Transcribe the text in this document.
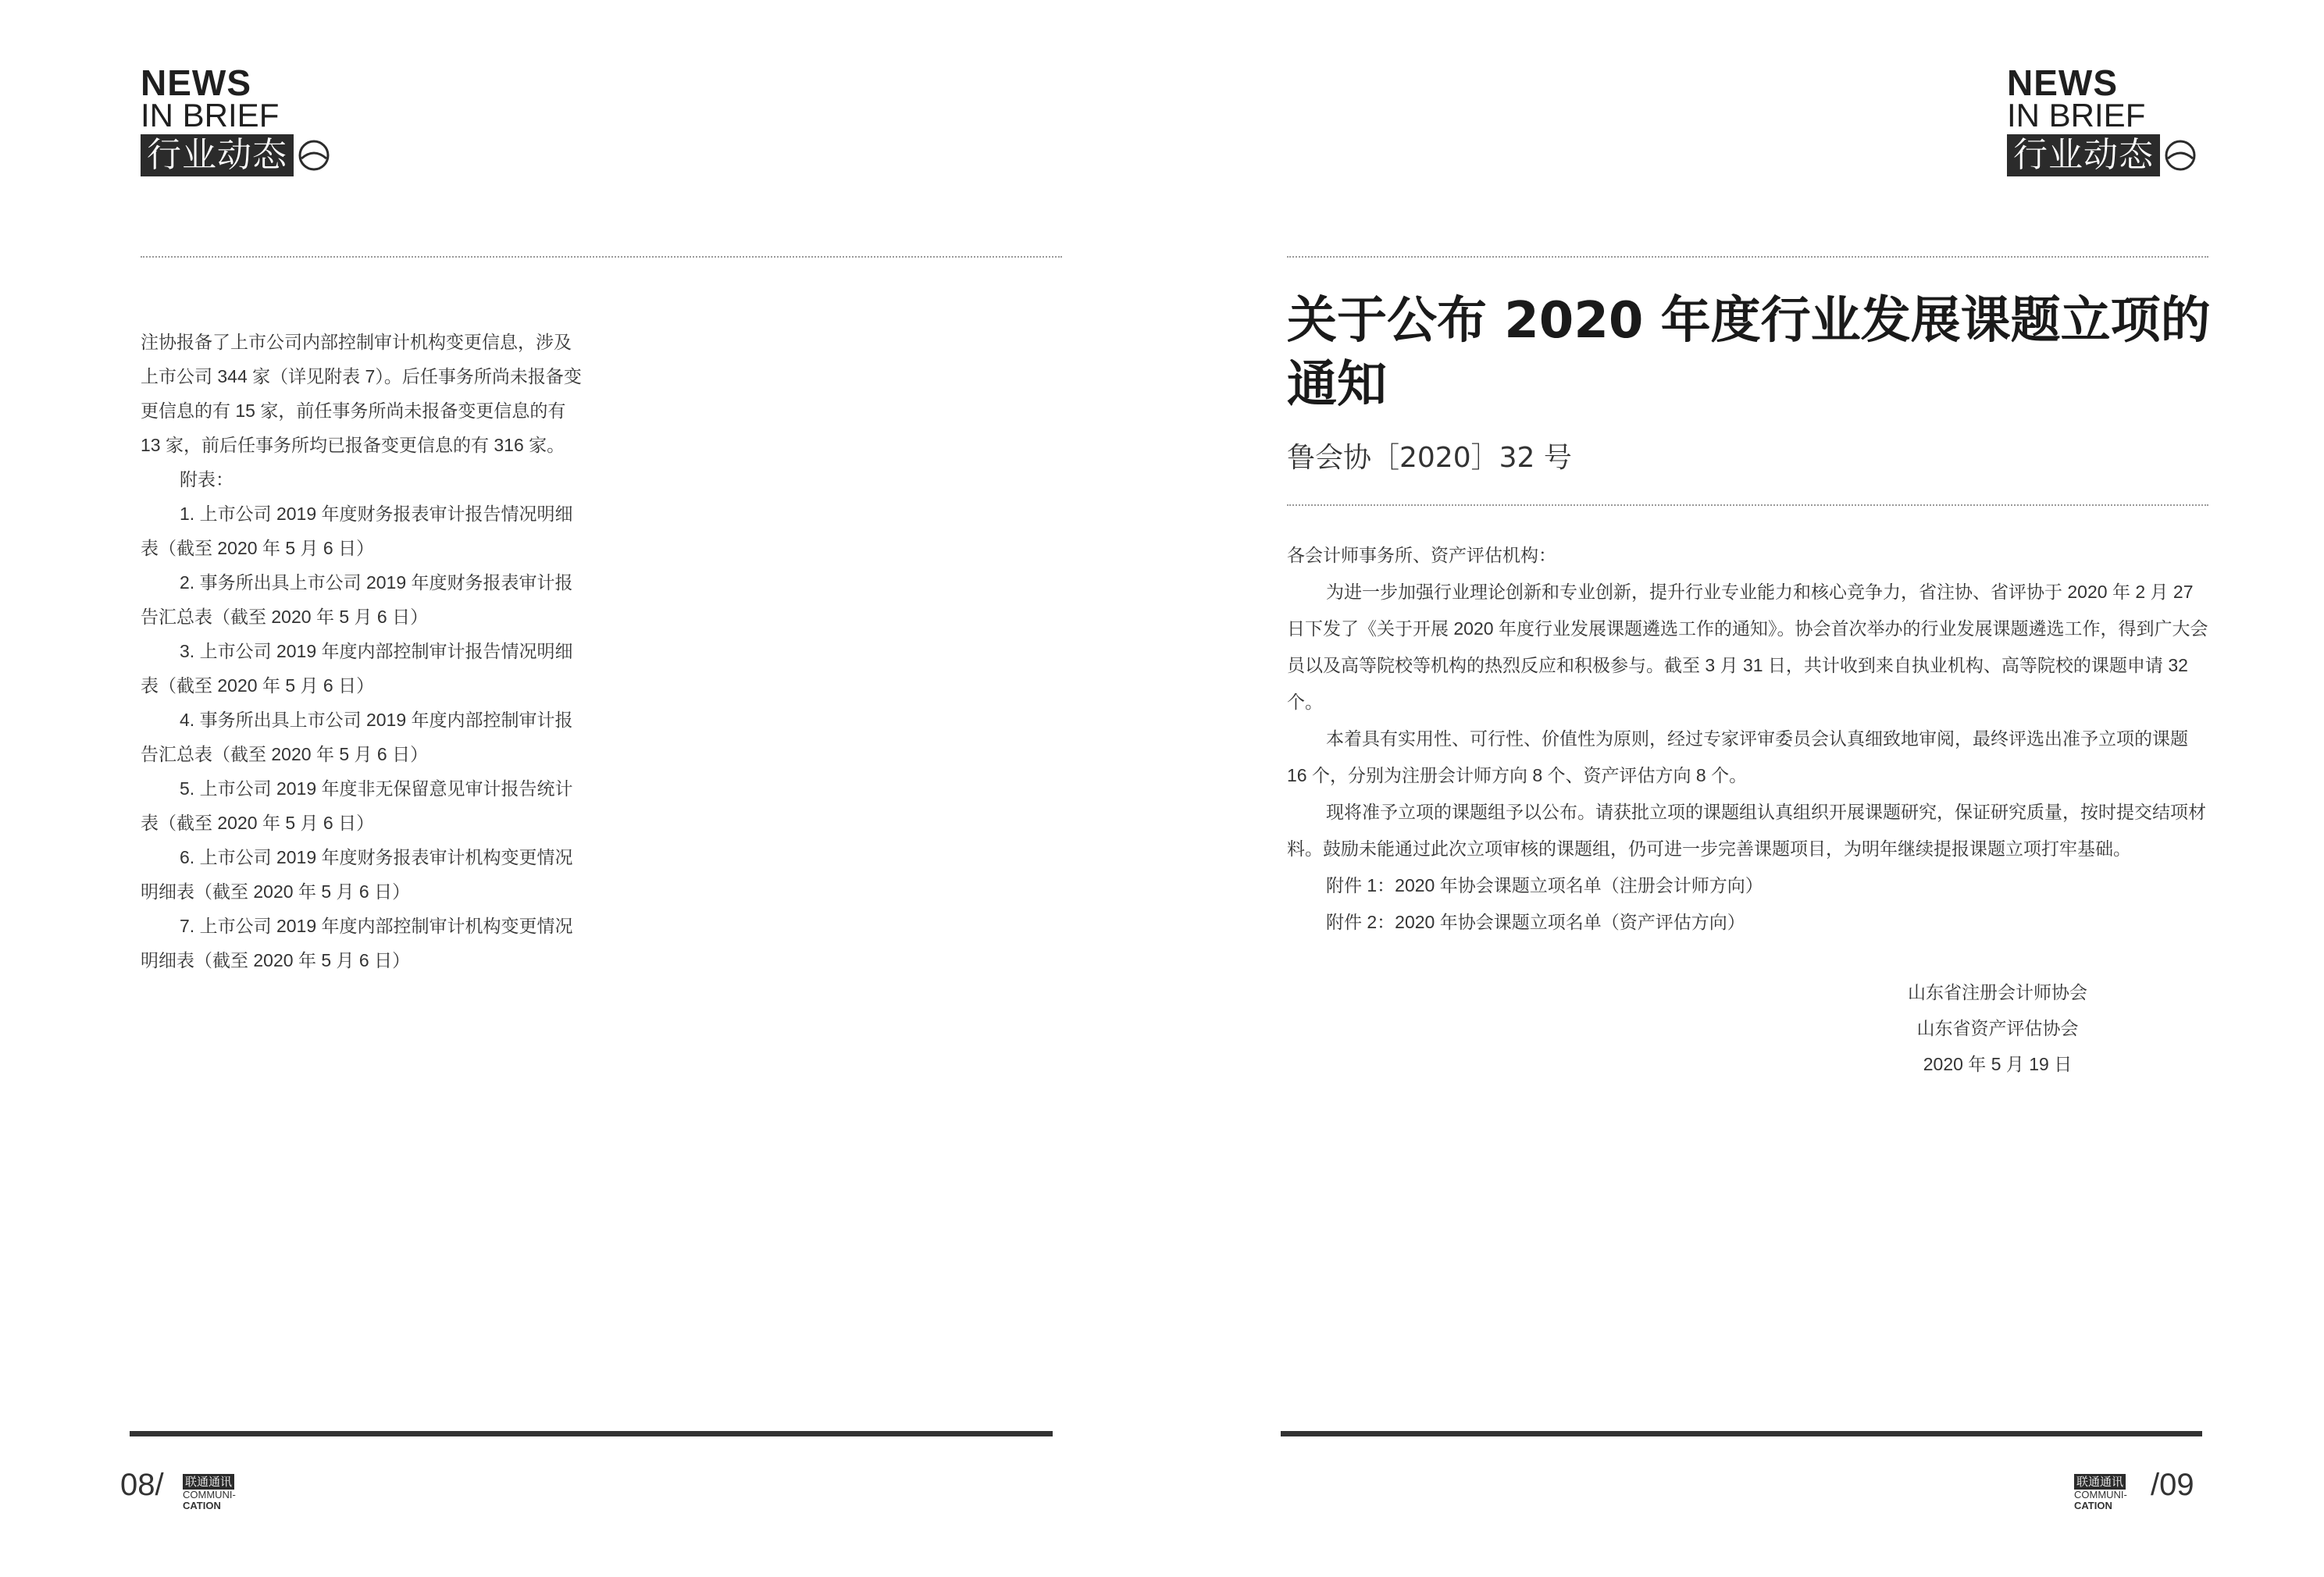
NEWS
IN BRIEF
行业动态

注协报备了上市公司内部控制审计机构变更信息，涉及上市公司 344 家（详见附表 7）。后任事务所尚未报备变更信息的有 15 家，前任事务所尚未报备变更信息的有 13 家，前后任事务所均已报备变更信息的有 316 家。

附表：

1. 上市公司 2019 年度财务报表审计报告情况明细表（截至 2020 年 5 月 6 日）

2. 事务所出具上市公司 2019 年度财务报表审计报告汇总表（截至 2020 年 5 月 6 日）

3. 上市公司 2019 年度内部控制审计报告情况明细表（截至 2020 年 5 月 6 日）

4. 事务所出具上市公司 2019 年度内部控制审计报告汇总表（截至 2020 年 5 月 6 日）

5. 上市公司 2019 年度非无保留意见审计报告统计表（截至 2020 年 5 月 6 日）

6. 上市公司 2019 年度财务报表审计机构变更情况明细表（截至 2020 年 5 月 6 日）

7. 上市公司 2019 年度内部控制审计机构变更情况明细表（截至 2020 年 5 月 6 日）

08/ 联通通讯
COMMUNI-
CATION
NEWS
IN BRIEF
行业动态
关于公布 2020 年度行业发展课题立项的通知
鲁会协［2020］32 号

各会计师事务所、资产评估机构：

为进一步加强行业理论创新和专业创新，提升行业专业能力和核心竞争力，省注协、省评协于 2020 年 2 月 27 日下发了《关于开展 2020 年度行业发展课题遴选工作的通知》。协会首次举办的行业发展课题遴选工作，得到广大会员以及高等院校等机构的热烈反应和积极参与。截至 3 月 31 日，共计收到来自执业机构、高等院校的课题申请 32 个。

本着具有实用性、可行性、价值性为原则，经过专家评审委员会认真细致地审阅，最终评选出准予立项的课题 16 个，分别为注册会计师方向 8 个、资产评估方向 8 个。

现将准予立项的课题组予以公布。请获批立项的课题组认真组织开展课题研究，保证研究质量，按时提交结项材料。鼓励未能通过此次立项审核的课题组，仍可进一步完善课题项目，为明年继续提报课题立项打牢基础。

附件 1：2020 年协会课题立项名单（注册会计师方向）

附件 2：2020 年协会课题立项名单（资产评估方向）

山东省注册会计师协会
山东省资产评估协会
2020 年 5 月 19 日
联通通讯
COMMUNI-
CATION
/09
